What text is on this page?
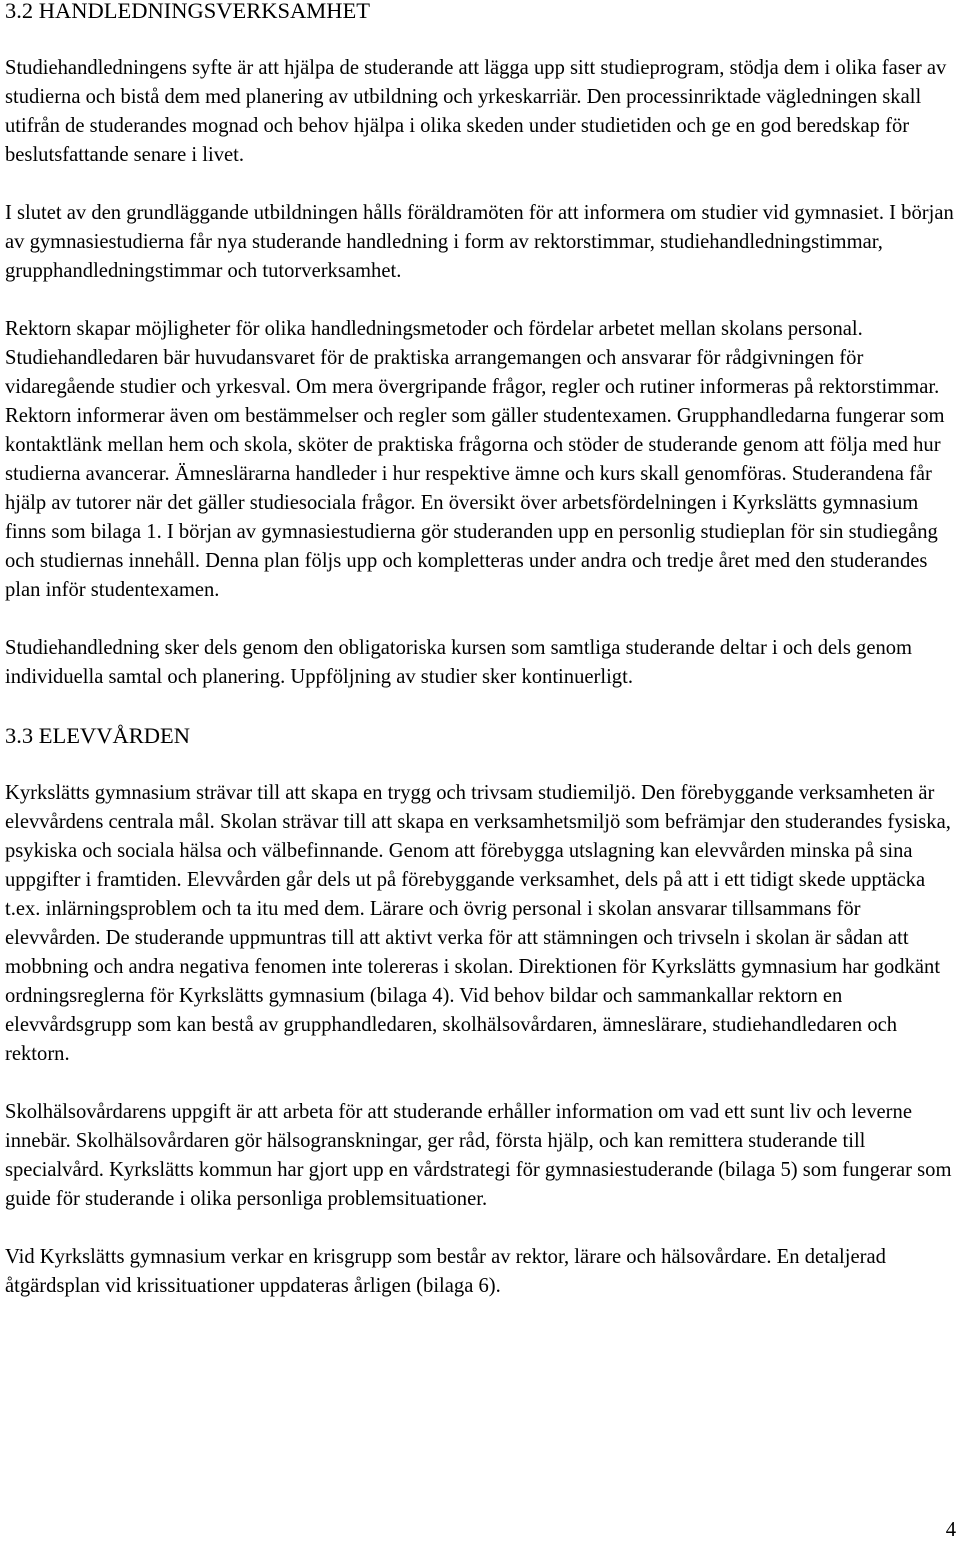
3.2 HANDLEDNINGSVERKSAMHET

Studiehandledningens syfte är att hjälpa de studerande att lägga upp sitt studieprogram, stödja dem i olika faser av studierna och bistå dem med planering av utbildning och yrkeskarriär. Den processinriktade vägledningen skall utifrån de studerandes mognad och behov hjälpa i olika skeden under studietiden och ge en god beredskap för beslutsfattande senare i livet.

I slutet av den grundläggande utbildningen hålls föräldramöten för att informera om studier vid gymnasiet. I början av gymnasiestudierna får nya studerande handledning i form av rektorstimmar, studiehandledningstimmar, grupphandledningstimmar och tutorverksamhet.

Rektorn skapar möjligheter för olika handledningsmetoder och fördelar arbetet mellan skolans personal. Studiehandledaren bär huvudansvaret för de praktiska arrangemangen och ansvarar för rådgivningen för vidaregående studier och yrkesval. Om mera övergripande frågor, regler och rutiner informeras på rektorstimmar. Rektorn informerar även om bestämmelser och regler som gäller studentexamen. Grupphandledarna fungerar som kontaktlänk mellan hem och skola, sköter de praktiska frågorna och stöder de studerande genom att följa med hur studierna avancerar. Ämneslärarna handleder i hur respektive ämne och kurs skall genomföras. Studerandena får hjälp av tutorer när det gäller studiesociala frågor. En översikt över arbetsfördelningen i Kyrkslätts gymnasium finns som bilaga 1. I början av gymnasiestudierna gör studeranden upp en personlig studieplan för sin studiegång och studiernas innehåll. Denna plan följs upp och kompletteras under andra och tredje året med den studerandes plan inför studentexamen.

Studiehandledning sker dels genom den obligatoriska kursen som samtliga studerande deltar i och dels genom individuella samtal och planering. Uppföljning av studier sker kontinuerligt.

3.3 ELEVVÅRDEN

Kyrkslätts gymnasium strävar till att skapa en trygg och trivsam studiemiljö. Den förebyggande verksamheten är elevvårdens centrala mål. Skolan strävar till att skapa en verksamhetsmiljö som befrämjar den studerandes fysiska, psykiska och sociala hälsa och välbefinnande. Genom att förebygga utslagning kan elevvården minska på sina uppgifter i framtiden. Elevvården går dels ut på förebyggande verksamhet, dels på att i ett tidigt skede upptäcka t.ex. inlärningsproblem och ta itu med dem. Lärare och övrig personal i skolan ansvarar tillsammans för elevvården. De studerande uppmuntras till att aktivt verka för att stämningen och trivseln i skolan är sådan att mobbning och andra negativa fenomen inte tolereras i skolan. Direktionen för Kyrkslätts gymnasium har godkänt ordningsreglerna för Kyrkslätts gymnasium (bilaga 4). Vid behov bildar och sammankallar rektorn en elevvårdsgrupp som kan bestå av grupphandledaren, skolhälsovårdaren, ämneslärare, studiehandledaren och rektorn.

Skolhälsovårdarens uppgift är att arbeta för att studerande erhåller information om vad ett sunt liv och leverne innebär. Skolhälsovårdaren gör hälsogranskningar, ger råd, första hjälp, och kan remittera studerande till specialvård. Kyrkslätts kommun har gjort upp en vårdstrategi för gymnasiestuderande (bilaga 5) som fungerar som guide för studerande i olika personliga problemsituationer.

Vid Kyrkslätts gymnasium verkar en krisgrupp som består av rektor, lärare och hälsovårdare. En detaljerad åtgärdsplan vid krissituationer uppdateras årligen (bilaga 6).

4
